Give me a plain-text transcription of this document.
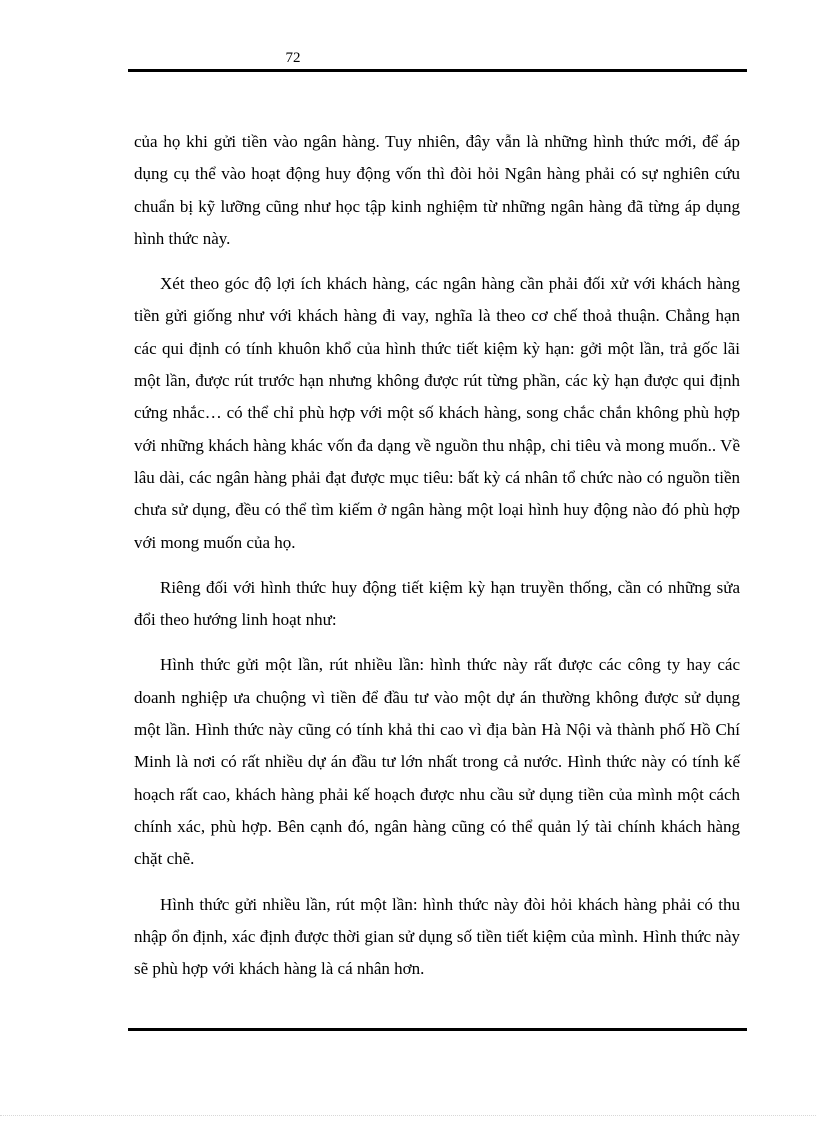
72

của họ khi gửi tiền vào ngân hàng. Tuy nhiên, đây vẫn là những hình thức mới, để áp dụng cụ thể vào hoạt động huy động vốn thì đòi hỏi Ngân hàng phải có sự nghiên cứu chuẩn bị kỹ lưỡng cũng như học tập kinh nghiệm từ những ngân hàng đã từng áp dụng hình thức này.

Xét theo góc độ lợi ích khách hàng, các ngân hàng cần phải đối xử với khách hàng tiền gửi giống như với khách hàng đi vay, nghĩa là theo cơ chế thoả thuận. Chẳng hạn các qui định có tính khuôn khổ của hình thức tiết kiệm kỳ hạn: gởi một lần, trả gốc lãi một lần, được rút trước hạn nhưng không được rút từng phần, các kỳ hạn được qui định cứng nhắc… có thể chỉ phù hợp với một số khách hàng, song chắc chắn không phù hợp với những khách hàng khác vốn đa dạng về nguồn thu nhập, chi tiêu và mong muốn.. Về lâu dài, các ngân hàng phải đạt được mục tiêu: bất kỳ cá nhân tổ chức nào có nguồn tiền chưa sử dụng, đều có thể tìm kiếm ở ngân hàng một loại hình huy động nào đó phù hợp với mong muốn của họ.

Riêng đối với hình thức huy động tiết kiệm kỳ hạn truyền thống, cần có những sửa đổi theo hướng linh hoạt như:

Hình thức gửi một lần, rút nhiều lần: hình thức này rất được các công ty hay các doanh nghiệp ưa chuộng vì tiền để đầu tư vào một dự án thường không được sử dụng một lần. Hình thức này cũng có tính khả thi cao vì địa bàn Hà Nội và thành phố Hồ Chí Minh là nơi có rất nhiều dự án đầu tư lớn nhất trong cả nước. Hình thức này có tính kế hoạch rất cao, khách hàng phải kế hoạch được nhu cầu sử dụng tiền của mình một cách chính xác, phù hợp. Bên cạnh đó, ngân hàng cũng có thể quản lý tài chính khách hàng chặt chẽ.

Hình thức gửi nhiều lần, rút một lần: hình thức này đòi hỏi khách hàng phải có thu nhập ổn định, xác định được thời gian sử dụng số tiền tiết kiệm của mình. Hình thức này sẽ phù hợp với khách hàng là cá nhân hơn.
